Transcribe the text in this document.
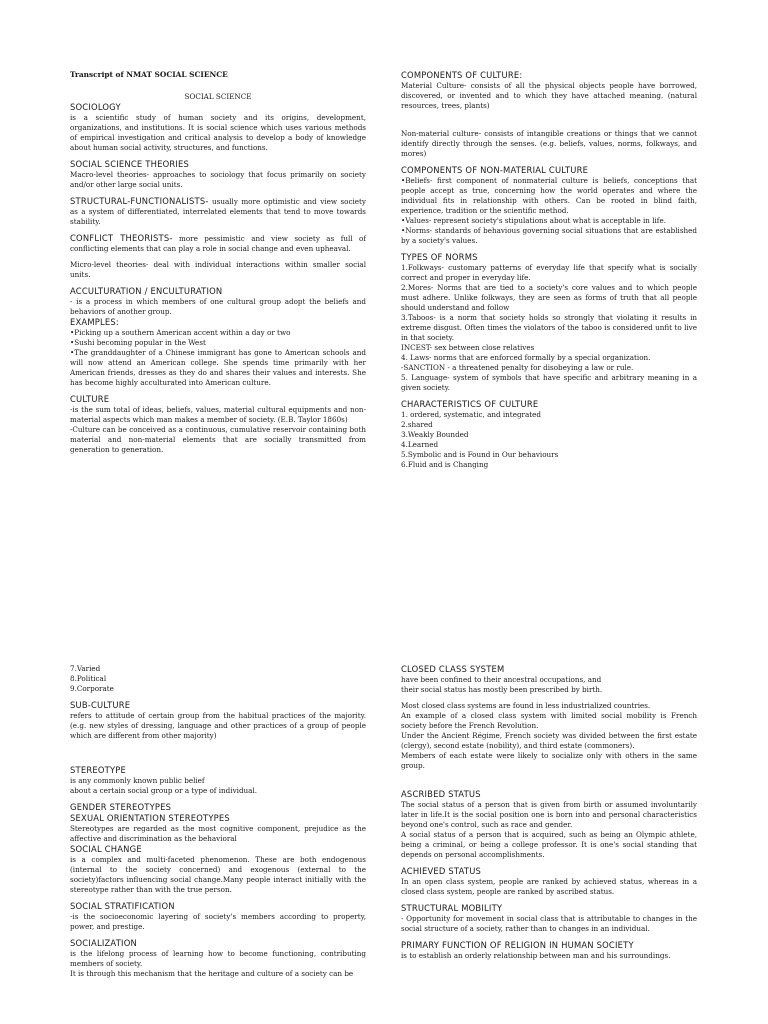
Transcript of NMAT SOCIAL SCIENCE

SOCIAL SCIENCE

SOCIOLOGY

is a scientific study of human society and its origins, development, organizations, and institutions. It is social science which uses various methods of empirical investigation and critical analysis to develop a body of knowledge about human social activity, structures, and functions.

SOCIAL SCIENCE THEORIES

Macro-level theories- approaches to sociology that focus primarily on society and/or other large social units.

STRUCTURAL-FUNCTIONALISTS- usually more optimistic and view society as a system of differentiated, interrelated elements that tend to move towards stability.

CONFLICT THEORISTS- more pessimistic and view society as full of conflicting elements that can play a role in social change and even upheaval.

Micro-level theories- deal with individual interactions within smaller social units.

ACCULTURATION / ENCULTURATION

- is a process in which members of one cultural group adopt the beliefs and behaviors of another group.

EXAMPLES:

•Picking up a southern American accent within a day or two

•Sushi becoming popular in the West

•The granddaughter of a Chinese immigrant has gone to American schools and will now attend an American college. She spends time primarily with her American friends, dresses as they do and shares their values and interests. She has become highly acculturated into American culture.

CULTURE

-is the sum total of ideas, beliefs, values, material cultural equipments and non-material aspects which man makes a member of society. (E.B. Taylor 1860s)

-Culture can be conceived as a continuous, cumulative reservoir containing both material and non-material elements that are socially transmitted from generation to generation.

COMPONENTS OF CULTURE:

Material Culture- consists of all the physical objects people have borrowed, discovered, or invented and to which they have attached meaning. (natural resources, trees, plants)

Non-material culture- consists of intangible creations or things that we cannot identify directly through the senses. (e.g. beliefs, values, norms, folkways, and mores)

COMPONENTS OF NON-MATERIAL CULTURE

•Beliefs- first component of nonmaterial culture is beliefs, conceptions that people accept as true, concerning how the world operates and where the individual fits in relationship with others. Can be rooted in blind faith, experience, tradition or the scientific method.

•Values- represent society's stipulations about what is acceptable in life.

•Norms- standards of behavious governing social situations that are established by a society's values.

TYPES OF NORMS

1.Folkways- customary patterns of everyday life that specify what is socially correct and proper in everyday life.

2.Mores- Norms that are tied to a society's core values and to which people must adhere. Unlike folkways, they are seen as forms of truth that all people should understand and follow

3.Taboos- is a norm that society holds so strongly that violating it results in extreme disgust. Often times the violators of the taboo is considered unfit to live in that society.

INCEST- sex between close relatives

4. Laws- norms that are enforced formally by a special organization.

-SANCTION - a threatened penalty for disobeying a law or rule.

5. Language- system of symbols that have specific and arbitrary meaning in a given society.

CHARACTERISTICS OF CULTURE

1. ordered, systematic, and integrated

2.shared

3.Weakly Bounded

4.Learned

5.Symbolic and is Found in Our behaviours

6.Fluid and is Changing

7.Varied

8.Political

9.Corporate

SUB-CULTURE

refers to attitude of certain group from the habitual practices of the majority.(e.g. new styles of dressing, language and other practices of a group of people which are different from other majority)

STEREOTYPE

is any commonly known public belief

about a certain social group or a type of individual.

GENDER STEREOTYPES

SEXUAL ORIENTATION STEREOTYPES

Stereotypes are regarded as the most cognitive component, prejudice as the affective and discrimination as the behavioral

SOCIAL CHANGE

is a complex and multi-faceted phenomenon. These are both endogenous (internal to the society concerned) and exogenous (external to the society)factors influencing social change.Many people interact initially with the stereotype rather than with the true person.

SOCIAL STRATIFICATION

-is the socioeconomic layering of society's members according to property, power, and prestige.

SOCIALIZATION

is the lifelong process of learning how to become functioning, contributing members of society.

It is through this mechanism that the heritage and culture of a society can be

CLOSED CLASS SYSTEM

have been confined to their ancestral occupations, and

their social status has mostly been prescribed by birth.

Most closed class systems are found in less industrialized countries.

An example of a closed class system with limited social mobility is French society before the French Revolution.

Under the Ancient Régime, French society was divided between the first estate (clergy), second estate (nobility), and third estate (commoners).

Members of each estate were likely to socialize only with others in the same group.

ASCRIBED STATUS

The social status of a person that is given from birth or assumed involuntarily later in life.It is the social position one is born into and personal characteristics beyond one's control, such as race and gender.

A social status of a person that is acquired, such as being an Olympic athlete, being a criminal, or being a college professor. It is one's social standing that depends on personal accomplishments.

ACHIEVED STATUS

In an open class system, people are ranked by achieved status, whereas in a closed class system, people are ranked by ascribed status.

STRUCTURAL MOBILITY

- Opportunity for movement in social class that is attributable to changes in the social structure of a society, rather than to changes in an individual.

PRIMARY FUNCTION OF RELIGION IN HUMAN SOCIETY

is to establish an orderly relationship between man and his surroundings.
